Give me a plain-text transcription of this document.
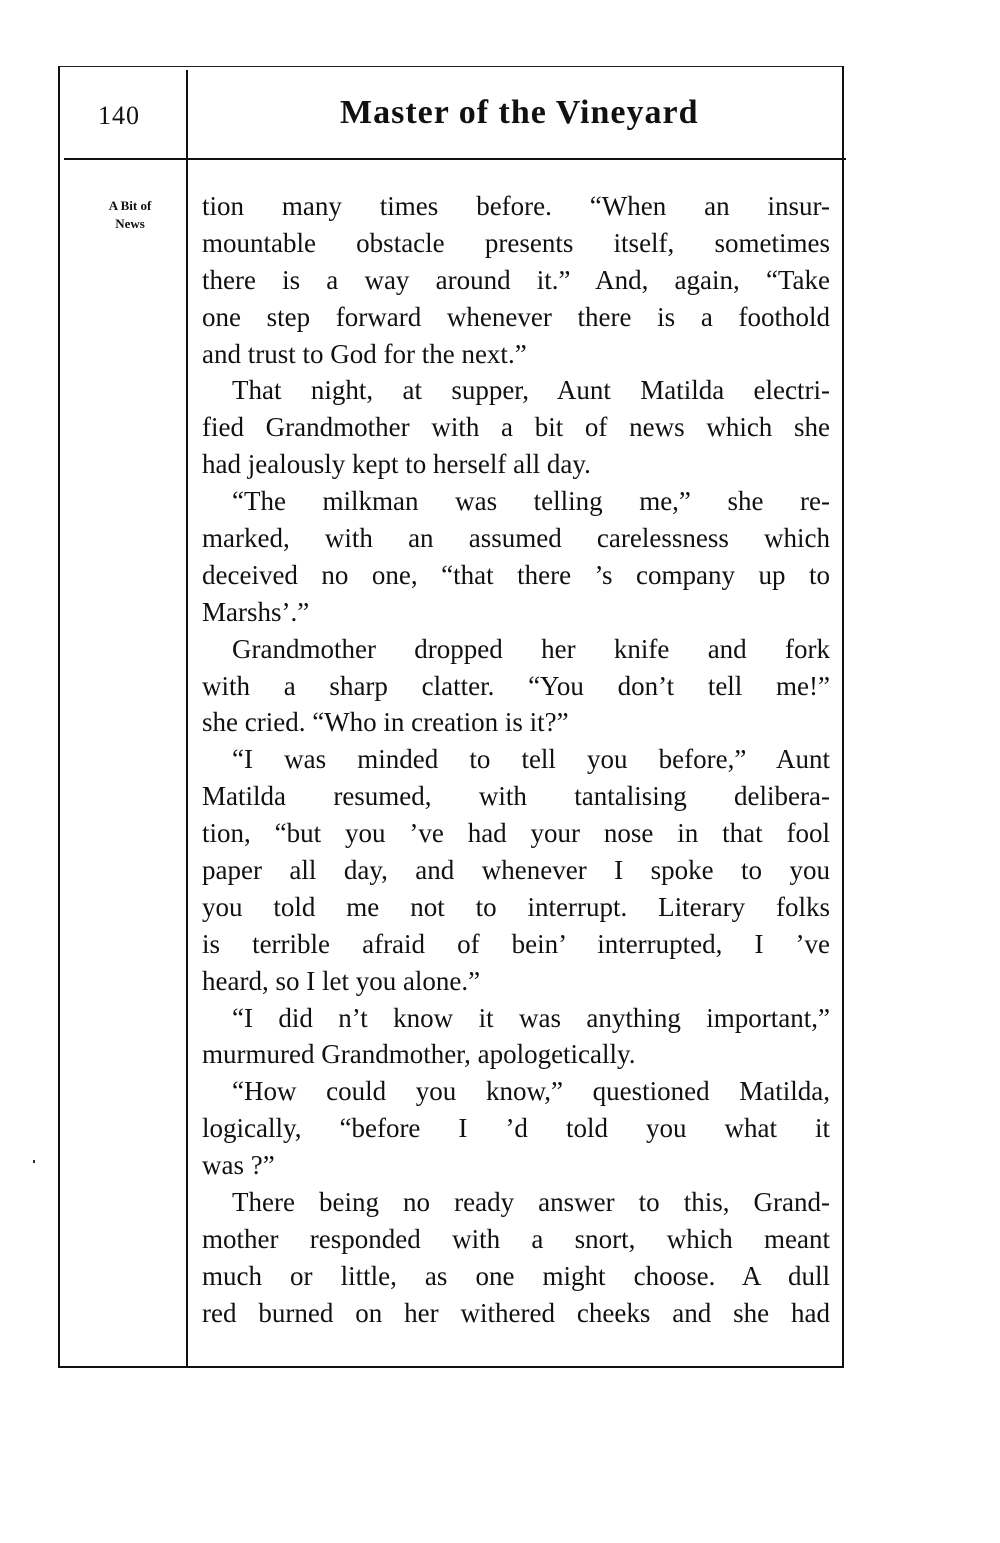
140	Master of the Vineyard
A Bit of
News
tion many times before. “When an insur-
mountable obstacle presents itself, sometimes
there is a way around it.” And, again, “Take
one step forward whenever there is a foothold
and trust to God for the next.”
That night, at supper, Aunt Matilda electri-
fied Grandmother with a bit of news which she
had jealously kept to herself all day.
“The milkman was telling me,” she re-
marked, with an assumed carelessness which
deceived no one, “that there ’s company up to
Marshs’.”
Grandmother dropped her knife and fork
with a sharp clatter. “You don’t tell me!”
she cried. “Who in creation is it?”
“I was minded to tell you before,” Aunt
Matilda resumed, with tantalising delibera-
tion, “but you ’ve had your nose in that fool
paper all day, and whenever I spoke to you
you told me not to interrupt. Literary folks
is terrible afraid of bein’ interrupted, I ’ve
heard, so I let you alone.”
“I did n’t know it was anything important,”
murmured Grandmother, apologetically.
“How could you know,” questioned Matilda,
logically, “before I ’d told you what it
was ?”
There being no ready answer to this, Grand-
mother responded with a snort, which meant
much or little, as one might choose. A dull
red burned on her withered cheeks and she had
